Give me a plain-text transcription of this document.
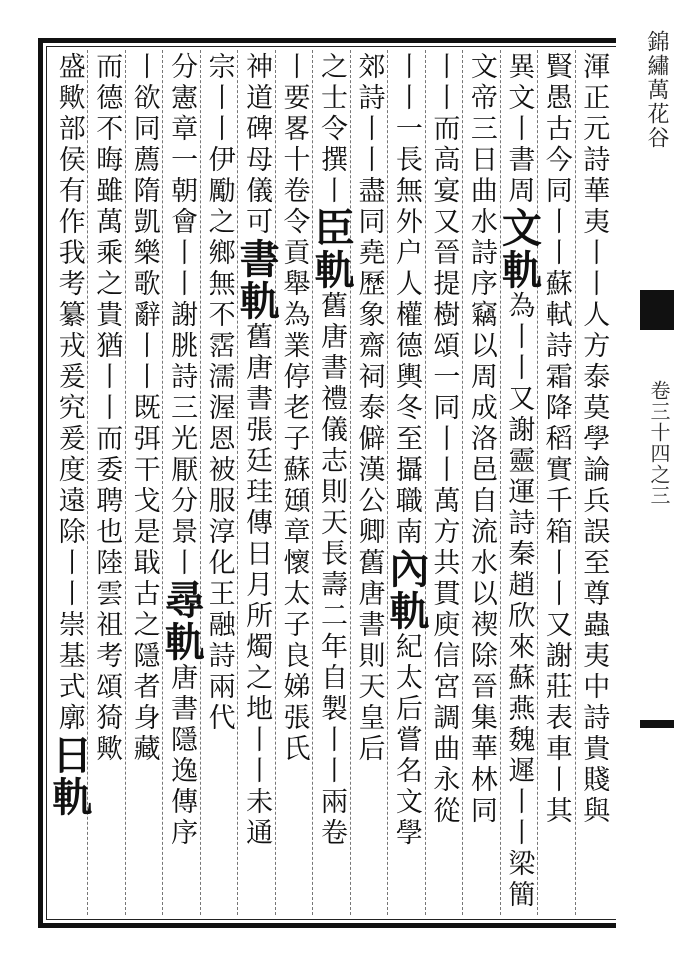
渾正元詩華夷丨丨人方泰莫學論兵誤至尊蟲夷中詩貴賤與
賢愚古今同丨丨蘇軾詩霜降稻實千箱丨丨又謝莊表車丨其
異文丨書周文軌為丨丨又謝靈運詩秦趙欣來蘇燕魏遲丨丨梁簡
文帝三日曲水詩序竊以周成洛邑自流水以禊除晉集華林同
丨丨而高宴又晉提樹頌一同丨丨萬方共貫庾信宮調曲永從
丨丨一長無外户人權德輿冬至攝職南內軌紀太后嘗名文學
郊詩丨丨盡同堯歷象齋祠泰僻漢公卿舊唐書則天皇后
之士令撰丨臣軌舊唐書禮儀志則天長壽二年自製丨丨兩卷
丨要畧十卷令貢舉為業停老子蘇頲章懷太子良娣張氏
神道碑母儀可書軌舊唐書張廷珪傳日月所燭之地丨丨未通
宗丨丨伊勵之鄉無不霑濡渥恩被服淳化王融詩兩代
分憲章一朝會丨丨謝朓詩三光厭分景丨尋軌唐書隱逸傳序
丨欲同薦隋凱樂歌辭丨丨既弭干戈是戢古之隱者身藏
而德不晦雖萬乘之貴猶丨丨而委聘也陸雲祖考頌猗歟
盛歟部侯有作我考纂戎爰究爰度遠除丨丨崇基式廓日軌
錦繡萬花谷
卷三十四之三
